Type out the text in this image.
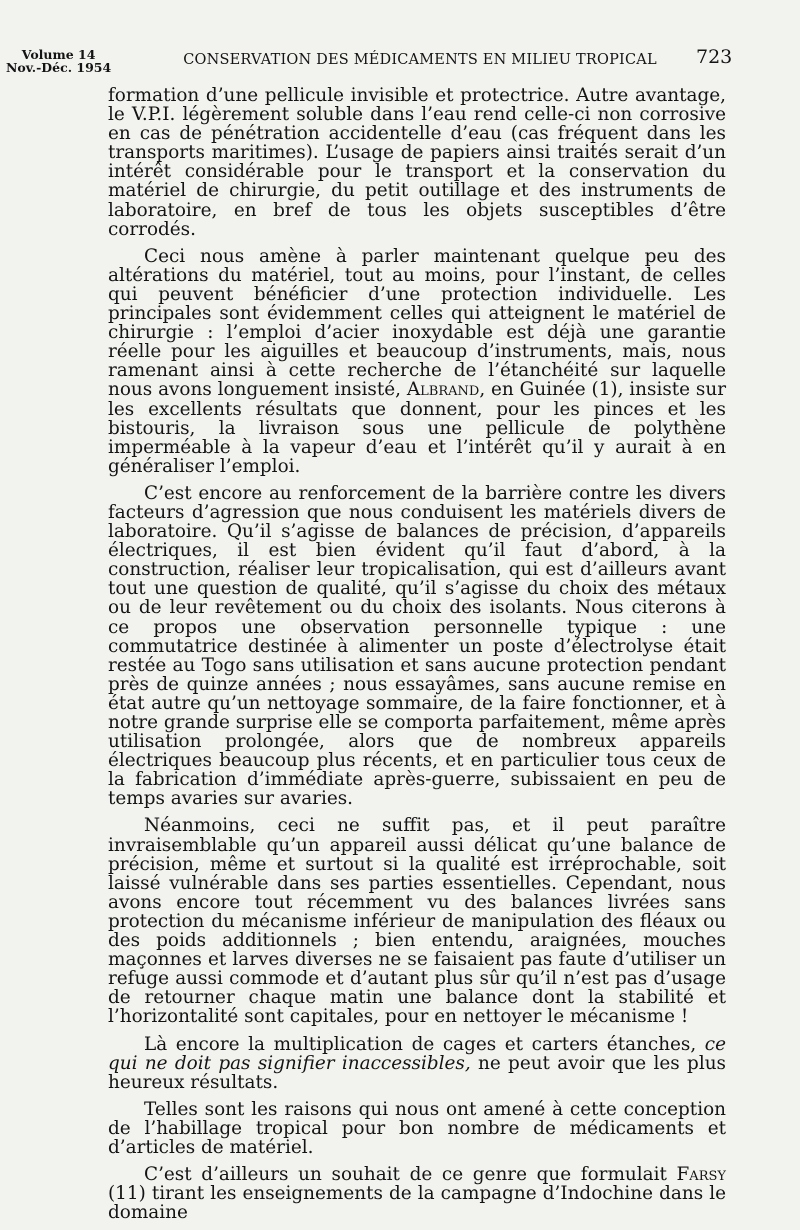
Volume 14
Nov.-Déc. 1954	CONSERVATION DES MÉDICAMENTS EN MILIEU TROPICAL 723

formation d’une pellicule invisible et protectrice. Autre avantage, le V.P.I. légèrement soluble dans l’eau rend celle-ci non corrosive en cas de pénétration accidentelle d’eau (cas fréquent dans les transports maritimes). L’usage de papiers ainsi traités serait d’un intérêt considérable pour le transport et la conservation du matériel de chirurgie, du petit outillage et des instruments de laboratoire, en bref de tous les objets susceptibles d’être corrodés.

Ceci nous amène à parler maintenant quelque peu des altérations du matériel, tout au moins, pour l’instant, de celles qui peuvent bénéficier d’une protection individuelle. Les principales sont évidemment celles qui atteignent le matériel de chirurgie : l’emploi d’acier inoxydable est déjà une garantie réelle pour les aiguilles et beaucoup d’instruments, mais, nous ramenant ainsi à cette recherche de l’étanchéité sur laquelle nous avons longuement insisté, Albrand, en Guinée (1), insiste sur les excellents résultats que donnent, pour les pinces et les bistouris, la livraison sous une pellicule de polythène imperméable à la vapeur d’eau et l’intérêt qu’il y aurait à en généraliser l’emploi.

C’est encore au renforcement de la barrière contre les divers facteurs d’agression que nous conduisent les matériels divers de laboratoire. Qu’il s’agisse de balances de précision, d’appareils électriques, il est bien évident qu’il faut d’abord, à la construction, réaliser leur tropicalisation, qui est d’ailleurs avant tout une question de qualité, qu’il s’agisse du choix des métaux ou de leur revêtement ou du choix des isolants. Nous citerons à ce propos une observation personnelle typique : une commutatrice destinée à alimenter un poste d’électrolyse était restée au Togo sans utilisation et sans aucune protection pendant près de quinze années ; nous essayâmes, sans aucune remise en état autre qu’un nettoyage sommaire, de la faire fonctionner, et à notre grande surprise elle se comporta parfaitement, même après utilisation prolongée, alors que de nombreux appareils électriques beaucoup plus récents, et en particulier tous ceux de la fabrication d’immédiate après-guerre, subissaient en peu de temps avaries sur avaries.

Néanmoins, ceci ne suffit pas, et il peut paraître invraisemblable qu’un appareil aussi délicat qu’une balance de précision, même et surtout si la qualité est irréprochable, soit laissé vulnérable dans ses parties essentielles. Cependant, nous avons encore tout récemment vu des balances livrées sans protection du mécanisme inférieur de manipulation des fléaux ou des poids additionnels ; bien entendu, araignées, mouches maçonnes et larves diverses ne se faisaient pas faute d’utiliser un refuge aussi commode et d’autant plus sûr qu’il n’est pas d’usage de retourner chaque matin une balance dont la stabilité et l’horizontalité sont capitales, pour en nettoyer le mécanisme !

Là encore la multiplication de cages et carters étanches, ce qui ne doit pas signifier inaccessibles, ne peut avoir que les plus heureux résultats.

Telles sont les raisons qui nous ont amené à cette conception de l’habillage tropical pour bon nombre de médicaments et d’articles de matériel.

C’est d’ailleurs un souhait de ce genre que formulait Farsy (11) tirant les enseignements de la campagne d’Indochine dans le domaine
